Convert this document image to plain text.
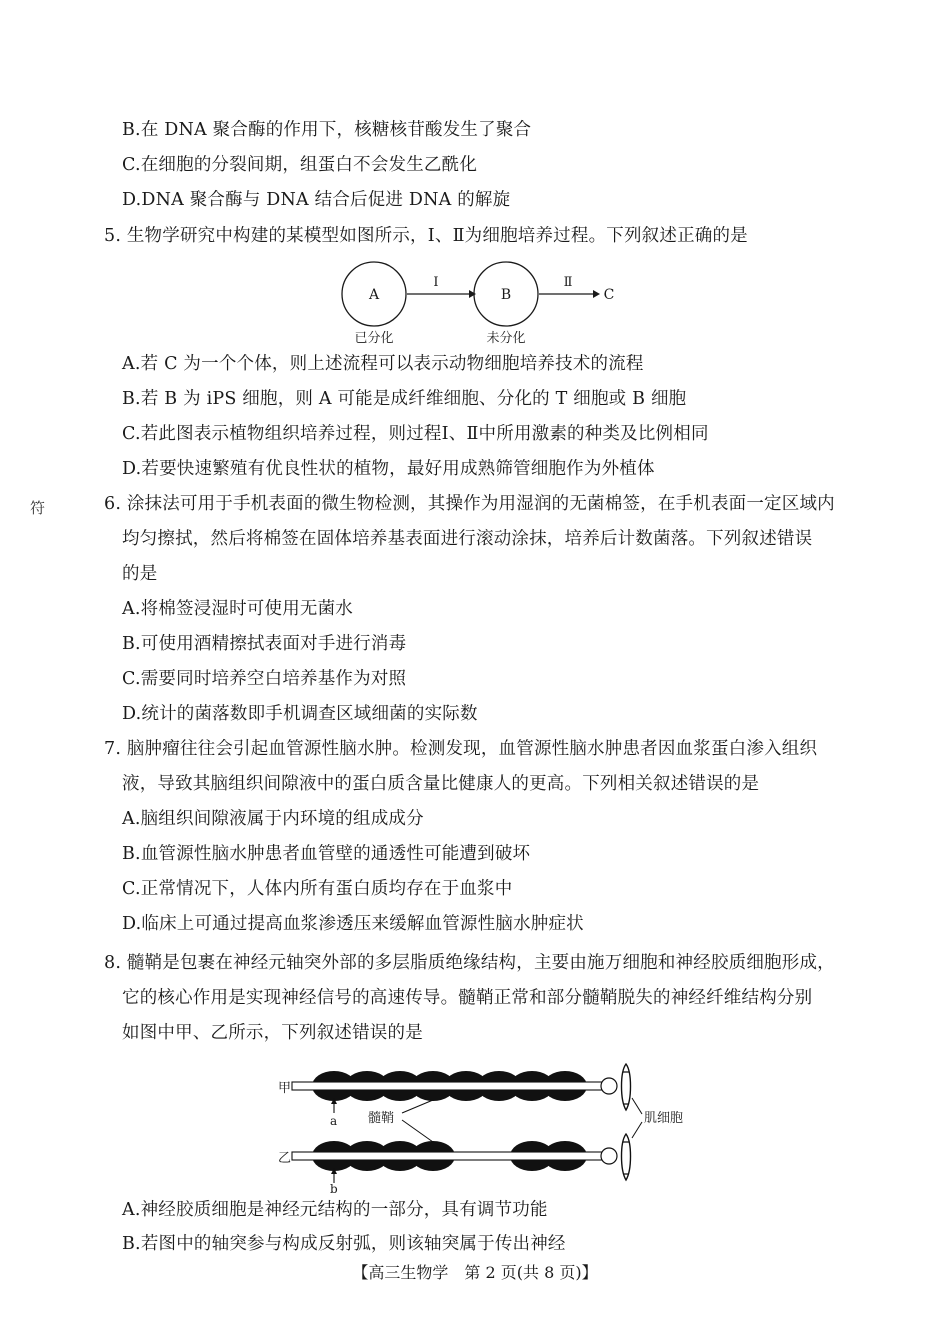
B.在 DNA 聚合酶的作用下，核糖核苷酸发生了聚合
C.在细胞的分裂间期，组蛋白不会发生乙酰化
D.DNA 聚合酶与 DNA 结合后促进 DNA 的解旋
5. 生物学研究中构建的某模型如图所示，Ⅰ、Ⅱ为细胞培养过程。下列叙述正确的是
A
Ⅰ
B
Ⅱ
C
已分化	未分化
A.若 C 为一个个体，则上述流程可以表示动物细胞培养技术的流程
B.若 B 为 iPS 细胞，则 A 可能是成纤维细胞、分化的 T 细胞或 B 细胞
C.若此图表示植物组织培养过程，则过程Ⅰ、Ⅱ中所用激素的种类及比例相同
D.若要快速繁殖有优良性状的植物，最好用成熟筛管细胞作为外植体
符	6. 涂抹法可用于手机表面的微生物检测，其操作为用湿润的无菌棉签，在手机表面一定区域内
均匀擦拭，然后将棉签在固体培养基表面进行滚动涂抹，培养后计数菌落。下列叙述错误
的是
A.将棉签浸湿时可使用无菌水
B.可使用酒精擦拭表面对手进行消毒
C.需要同时培养空白培养基作为对照
D.统计的菌落数即手机调查区域细菌的实际数
7. 脑肿瘤往往会引起血管源性脑水肿。检测发现，血管源性脑水肿患者因血浆蛋白渗入组织
液，导致其脑组织间隙液中的蛋白质含量比健康人的更高。下列相关叙述错误的是
A.脑组织间隙液属于内环境的组成成分
B.血管源性脑水肿患者血管壁的通透性可能遭到破坏
C.正常情况下，人体内所有蛋白质均存在于血浆中
D.临床上可通过提高血浆渗透压来缓解血管源性脑水肿症状
8. 髓鞘是包裹在神经元轴突外部的多层脂质绝缘结构，主要由施万细胞和神经胶质细胞形成，
它的核心作用是实现神经信号的高速传导。髓鞘正常和部分髓鞘脱失的神经纤维结构分别
如图中甲、乙所示，下列叙述错误的是
甲
乙
a
b
髓鞘	肌细胞
A.神经胶质细胞是神经元结构的一部分，具有调节功能
B.若图中的轴突参与构成反射弧，则该轴突属于传出神经
【高三生物学　第 2 页(共 8 页)】
